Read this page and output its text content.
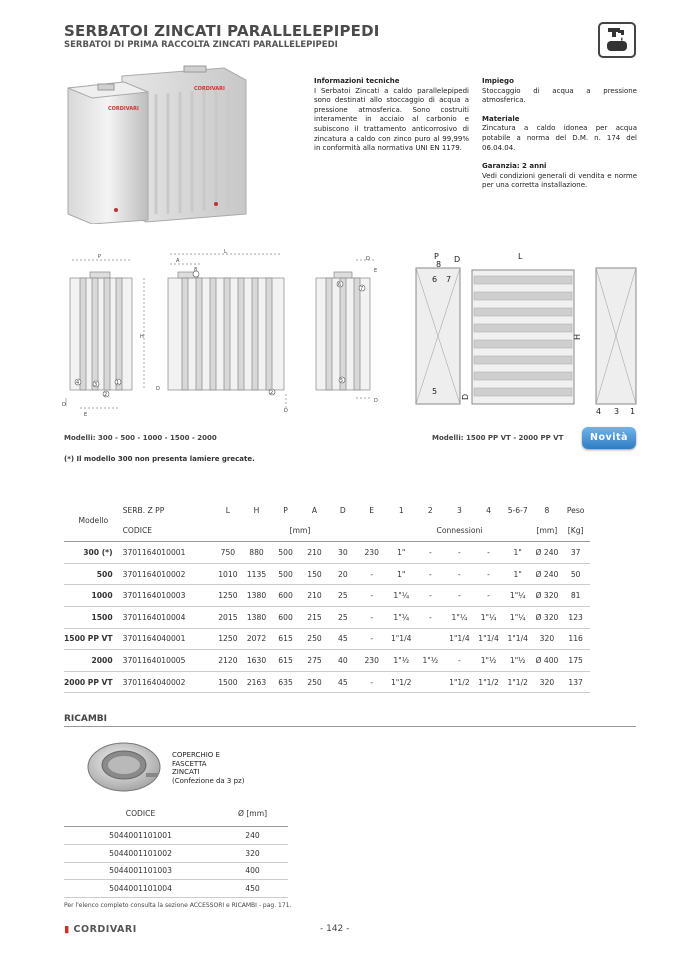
SERBATOI ZINCATI PARALLELEPIPEDI
SERBATOI DI PRIMA RACCOLTA ZINCATI PARALLELEPIPEDI
CORDIVARI
CORDIVARI
Informazioni tecniche
I Serbatoi Zincati a caldo parallelepipedi sono destinati allo stoccaggio di acqua a pressione atmosferica. Sono costruiti interamente in acciaio al carbonio e subiscono il trattamento anticorrosivo di zincatura a caldo con zinco puro al 99,99% in conformità alla normativa UNI EN 1179.
Impiego
Stoccaggio di acqua a pressione atmosferica.
Materiale
Zincatura a caldo idonea per acqua potabile a norma del D.M. n. 174 del 06.04.04.
Garanzia: 2 anni
Vedi condizioni generali di vendita e norme per una corretta installazione.
P
H
4	3	1
2
D
E
A
L
8
D
2
D
D
E
6
7
5
D
P
8
D
6 7
5
D
L
H
4 3 1
Modelli: 300 - 500 - 1000 - 1500 - 2000	Modelli: 1500 PP VT - 2000 PP VT	Novità
(*) Il modello 300 non presenta lamiere grecate.
Modello	SERB. Z PP	L	H	P	A	D	E	1	2	3	4	5-6-7	8	Peso
	CODICE	[mm]						Connessioni					[mm]	[Kg]
300 (*)	3701164010001	750	880	500	210	30	230	1"	-	-	-	1"	Ø 240	37
500	3701164010002	1010	1135	500	150	20	-	1"	-	-	-	1"	Ø 240	50
1000	3701164010003	1250	1380	600	210	25	-	1"¼	-	-	-	1"¼	Ø 320	81
1500	3701164010004	2015	1380	600	215	25	-	1"¼	-	1"¼	1"¼	1"¼	Ø 320	123
1500 PP VT	3701164040001	1250	2072	615	250	45	-	1"1/4		1"1/4	1"1/4	1"1/4	320	116
2000	3701164010005	2120	1630	615	275	40	230	1"½	1"½	-	1"½	1"½	Ø 400	175
2000 PP VT	3701164040002	1500	2163	635	250	45	-	1"1/2		1"1/2	1"1/2	1"1/2	320	137
RICAMBI
COPERCHIO E
FASCETTA
ZINCATI
(Confezione da 3 pz)
CODICE	Ø [mm]
5044001101001	240
5044001101002	320
5044001101003	400
5044001101004	450
Per l'elenco completo consulta la sezione ACCESSORI e RICAMBI - pag. 171.
▮ CORDIVARI	- 142 -
